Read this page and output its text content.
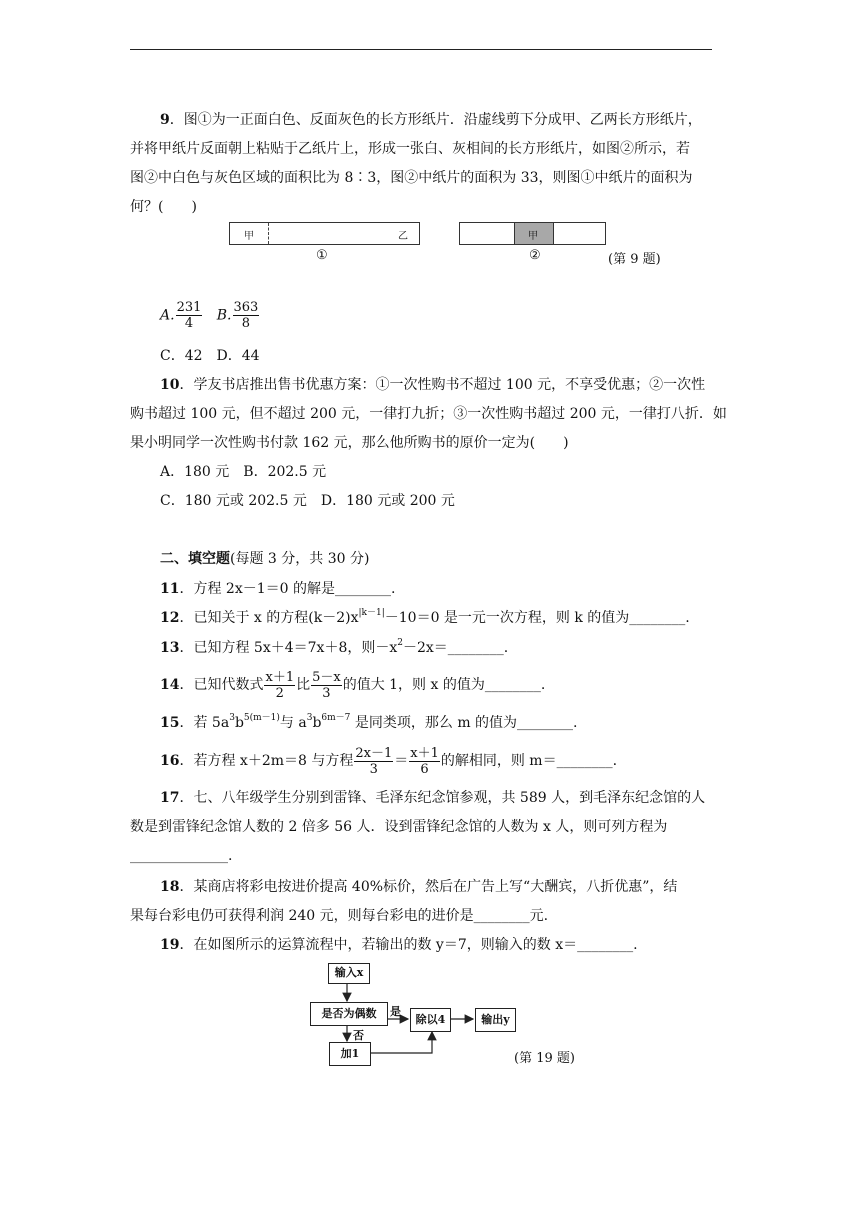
9．图①为一正面白色、反面灰色的长方形纸片．沿虚线剪下分成甲、乙两长方形纸片，
并将甲纸片反面朝上粘贴于乙纸片上，形成一张白、灰相间的长方形纸片，如图②所示，若
图②中白色与灰色区域的面积比为 8∶3，图②中纸片的面积为 33，则图①中纸片的面积为
何？(　　)
甲	乙
①
甲
②	(第 9 题)
A. $\frac{231}{4} B$. $\frac{363}{8}$
C．42　D．44
10．学友书店推出售书优惠方案：①一次性购书不超过 100 元，不享受优惠；②一次性
购书超过 100 元，但不超过 200 元，一律打九折；③一次性购书超过 200 元，一律打八折．如
果小明同学一次性购书付款 162 元，那么他所购书的原价一定为(　　)
A．180 元　B．202.5 元
C．180 元或 202.5 元　D．180 元或 200 元
二、填空题(每题 3 分，共 30 分)
11．方程 2x－1＝0 的解是________.
12．已知关于 x 的方程$(k-2)x^{|k-1|}-10=0$ 是一元一次方程，则 k 的值为________.
13．已知方程 5x＋4＝7x＋8，则$-x^2-2x=\_\_\_\_\_\_\_\_$.
14．已知代数式 $\frac{x+1}{2}$ 比 $\frac{5-x}{3}$ 的值大 1，则 x 的值为________.
15．若 $5a^3b^{5(m-1)}$与 $a^3b^{6m-7}$ 是同类项，那么 m 的值为________.
16．若方程 x＋2m＝8 与方程 $\frac{2x-1}{3} = \frac{x+1}{6}$ 的解相同，则 m＝________.
17．七、八年级学生分别到雷锋、毛泽东纪念馆参观，共 589 人，到毛泽东纪念馆的人
数是到雷锋纪念馆人数的 2 倍多 56 人．设到雷锋纪念馆的人数为 x 人，则可列方程为
______________.
18．某商店将彩电按进价提高 40%标价，然后在广告上写“大酬宾，八折优惠”，结
果每台彩电仍可获得利润 240 元，则每台彩电的进价是________元.
19．在如图所示的运算流程中，若输出的数 y＝7，则输入的数 x＝________.
输入x
是否为偶数	是
否
除以4	输出y
加1	(第 19 题)
